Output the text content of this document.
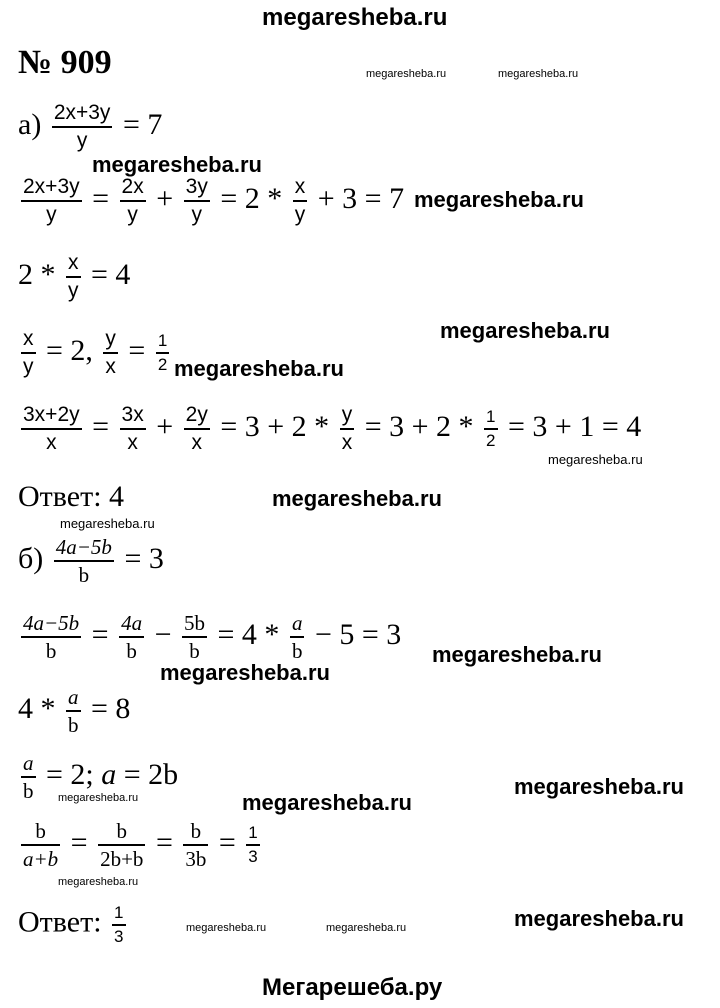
megaresheba.ru
№ 909	megaresheba.ru	megaresheba.ru
$а) \frac{2x+3y}{y} = 7$
megaresheba.ru
$\frac{2x+3y}{y} = \frac{2x}{y} + \frac{3y}{y} = 2 * \frac{x}{y} + 3 = 7$ megaresheba.ru
$2 * \frac{x}{y} = 4$
$\frac{x}{y} = 2$, $\frac{y}{x} = \frac{1}{2}$ megaresheba.ru
megaresheba.ru
$\frac{3x+2y}{x} = \frac{3x}{x} + \frac{2y}{x} = 3 + 2 * \frac{y}{x} = 3 + 2 * \frac{1}{2} = 3 + 1 = 4$
megaresheba.ru
Ответ: 4	megaresheba.ru
megaresheba.ru
$б) \frac{4a-5b}{b} = 3$
$\frac{4a-5b}{b} = \frac{4a}{b} - \frac{5b}{b} = 4 * \frac{a}{b} - 5 = 3$
megaresheba.ru
megaresheba.ru
$4 * \frac{a}{b} = 8$
$\frac{a}{b} = 2$; a = 2b
megaresheba.ru	megaresheba.ru
megaresheba.ru
$\frac{b}{a+b} = \frac{b}{2b+b} = \frac{b}{3b} = \frac{1}{3}$
megaresheba.ru
Ответ: $\frac{1}{3}$	megaresheba.ru	megaresheba.ru	megaresheba.ru
Мегарешеба.ру
